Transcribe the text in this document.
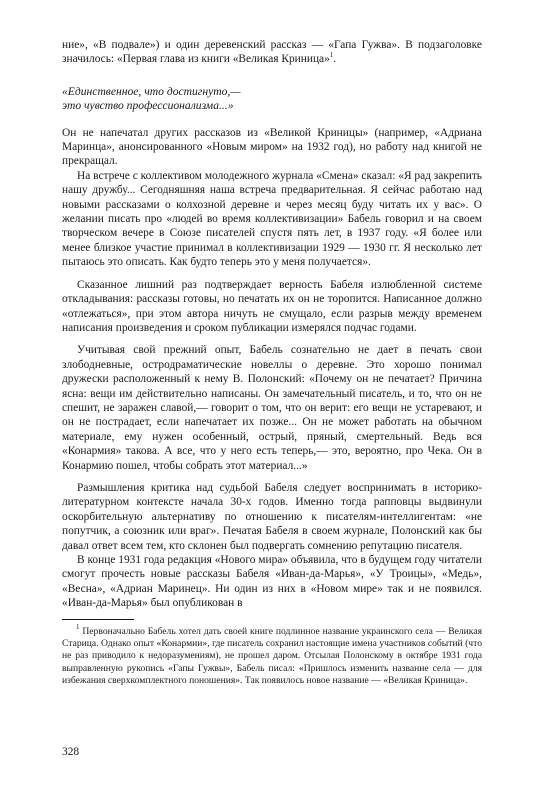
ние», «В подвале») и один деревенский рассказ — «Гапа Гужва». В подзаголовке значилось: «Первая глава из книги «Великая Криница»$^1$.

«Единственное, что достигнуто,—
это чувство профессионализма...»

Он не напечатал других рассказов из «Великой Криницы» (например, «Адриана Маринца», анонсированного «Новым миром» на 1932 год), но работу над книгой не прекращал.

На встрече с коллективом молодежного журнала «Смена» сказал: «Я рад закрепить нашу дружбу... Сегодняшняя наша встреча предварительная. Я сейчас работаю над новыми рассказами о колхозной деревне и через месяц буду читать их у вас». О желании писать про «людей во время коллективизации» Бабель говорил и на своем творческом вечере в Союзе писателей спустя пять лет, в 1937 году. «Я более или менее близкое участие принимал в коллективизации 1929 — 1930 гг. Я несколько лет пытаюсь это описать. Как будто теперь это у меня получается».

Сказанное лишний раз подтверждает верность Бабеля излюбленной системе откладывания: рассказы готовы, но печатать их он не торопится. Написанное должно «отлежаться», при этом автора ничуть не смущало, если разрыв между временем написания произведения и сроком публикации измерялся подчас годами.

Учитывая свой прежний опыт, Бабель сознательно не дает в печать свои злободневные, остродраматические новеллы о деревне. Это хорошо понимал дружески расположенный к нему В. Полонский: «Почему он не печатает? Причина ясна: вещи им действительно написаны. Он замечательный писатель, и то, что он не спешит, не заражен славой,— говорит о том, что он верит: его вещи не устаревают, и он не пострадает, если напечатает их позже... Он не может работать на обычном материале, ему нужен особенный, острый, пряный, смертельный. Ведь вся «Конармия» такова. А все, что у него есть теперь,— это, вероятно, про Чека. Он в Конармию пошел, чтобы собрать этот материал...»

Размышления критика над судьбой Бабеля следует воспринимать в историко-литературном контексте начала 30-х годов. Именно тогда рапповцы выдвинули оскорбительную альтернативу по отношению к писателям-интеллигентам: «не попутчик, а союзник или враг». Печатая Бабеля в своем журнале, Полонский как бы давал ответ всем тем, кто склонен был подвергать сомнению репутацию писателя.

В конце 1931 года редакция «Нового мира» объявила, что в будущем году читатели смогут прочесть новые рассказы Бабеля «Иван-да-Марья», «У Троицы», «Медь», «Весна», «Адриан Маринец». Ни один из них в «Новом мире» так и не появился. «Иван-да-Марья» был опубликован в

$^1$ Первоначально Бабель хотел дать своей книге подлинное название украинского села — Великая Старица. Однако опыт «Конармии», где писатель сохранил настоящие имена участников событий (что не раз приводило к недоразумениям), не прошел даром. Отсылая Полонскому в октябре 1931 года выправленную рукопись «Гапы Гужвы», Бабель писал: «Пришлось изменить название села — для избежания сверхкомплектного поношения». Так появилось новое название — «Великая Криница».

328
